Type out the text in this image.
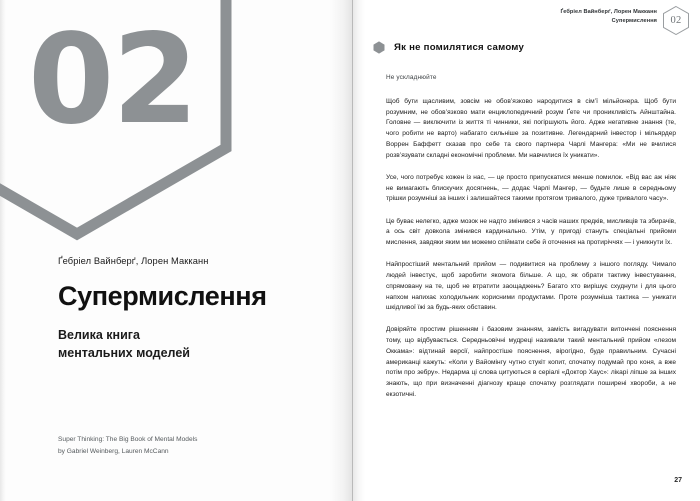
02

Ґебріел Вайнберґ, Лорен Макканн

Супермислення
Велика книга
ментальних моделей
Super Thinking: The Big Book of Mental Models
by Gabriel Weinberg, Lauren McCann
Ґебріел Вайнберґ, Лорен Макканн
Супермислення	02
Як не помилятися самому

Не ускладнюйте

Щоб бути щасливим, зовсім не обов’язково народитися в сім’ї мільйонера. Щоб бути розумним, не обов’язково мати енциклопедичний розум Ґете чи проникливість Айнштайна. Головне — виключити із життя ті чинники, які погіршують його. Адже негативне знання (те, чого робити не варто) набагато сильніше за позитивне. Легендарний інвестор і мільярдер Воррен Баффетт сказав про себе та свого партнера Чарлі Мангера: «Ми не вчилися розв’язувати складні економічні проблеми. Ми навчилися їх уникати».

Усе, чого потребує кожен із нас, — це просто припускатися менше помилок. «Від вас аж ніяк не вимагають блискучих досягнень, — додає Чарлі Мангер, — будьте лише в середньому трішки розумніші за інших і залишайтеся такими протягом тривалого, дуже тривалого часу».

Це буває нелегко, адже мозок не надто змінився з часів наших предків, мисливців та збирачів, а ось світ довкола змінився кардинально. Утім, у пригоді стануть спеціальні прийоми мислення, завдяки яким ми можемо спіймати себе й оточення на протиріччях — і уникнути їх.

Найпростіший ментальний прийом — подивитися на проблему з іншого погляду. Чимало людей інвестує, щоб заробити якомога більше. А що, як обрати тактику інвестування, спрямовану на те, щоб не втратити заощаджень? Багато хто вирішує схуднути і для цього напхом напихає холодильник корисними продуктами. Проте розумніша тактика — уникати шкідливої їжі за будь-яких обставин.

Довіряйте простим рішенням і базовим знанням, замість вигадувати витончені пояснення тому, що відбувається. Середньовічні мудреці називали такий ментальний прийом «лезом Оккама»: відтинай версії, найпростіше пояснення, вірогідно, буде правильним. Сучасні американці кажуть: «Коли у Вайомінгу чутно стукіт копит, спочатку подумай про коня, а вже потім про зебру». Недарма ці слова цитуються в серіалі «Доктор Хаус»: лікарі ліпше за інших знають, що при визначенні діагнозу краще спочатку розглядати поширені хвороби, а не екзотичні.

27
